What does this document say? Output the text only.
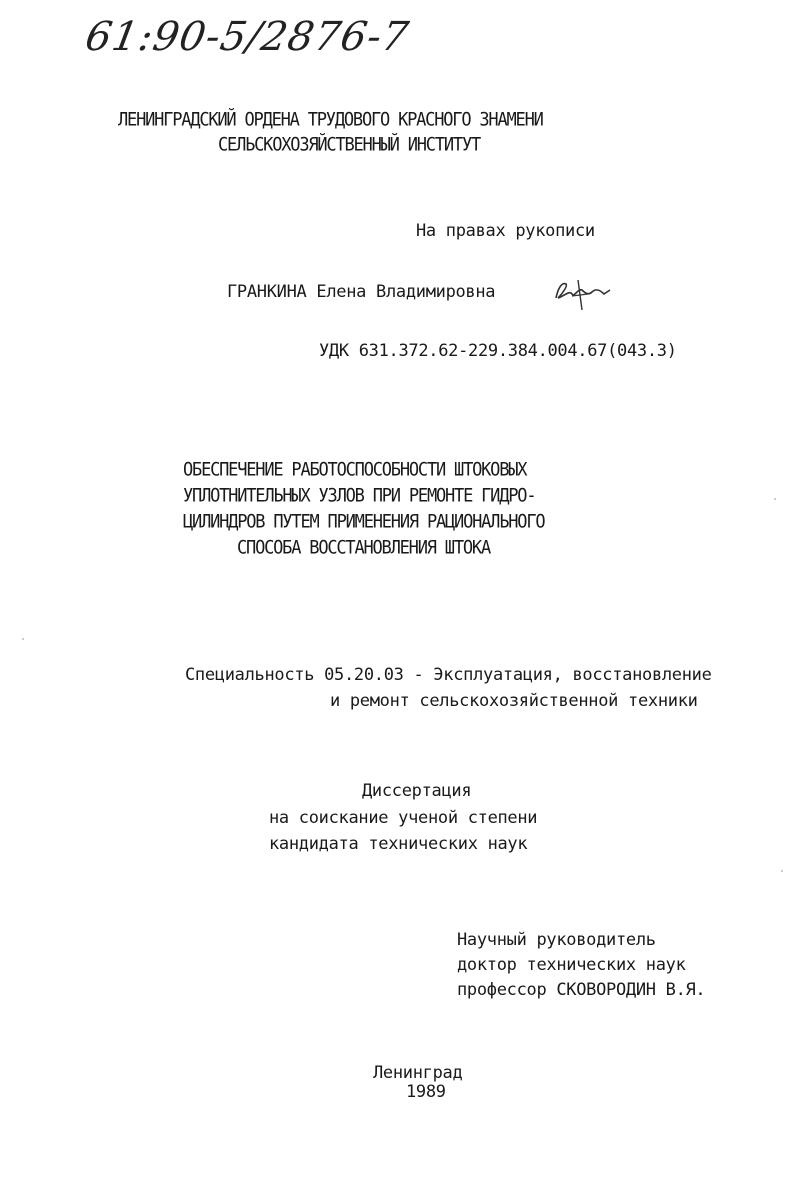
61:90-5/2876-7
ЛЕНИНГРАДСКИЙ ОРДЕНА ТРУДОВОГО КРАСНОГО ЗНАМЕНИ
СЕЛЬСКОХОЗЯЙСТВЕННЫЙ ИНСТИТУТ
На правах рукописи
ГРАНКИНА Елена Владимировна
УДК 631.372.62-229.384.004.67(043.3)
ОБЕСПЕЧЕНИЕ РАБОТОСПОСОБНОСТИ ШТОКОВЫХ
УПЛОТНИТЕЛЬНЫХ УЗЛОВ ПРИ РЕМОНТЕ ГИДРО-
ЦИЛИНДРОВ ПУТЕМ ПРИМЕНЕНИЯ РАЦИОНАЛЬНОГО
СПОСОБА ВОССТАНОВЛЕНИЯ ШТОКА
Специальность 05.20.03 - Эксплуатация, восстановление
и ремонт сельскохозяйственной техники
Диссертация
на соискание ученой степени
кандидата технических наук
Научный руководитель
доктор технических наук
профессор СКОВОРОДИН В.Я.
Ленинград
1989
